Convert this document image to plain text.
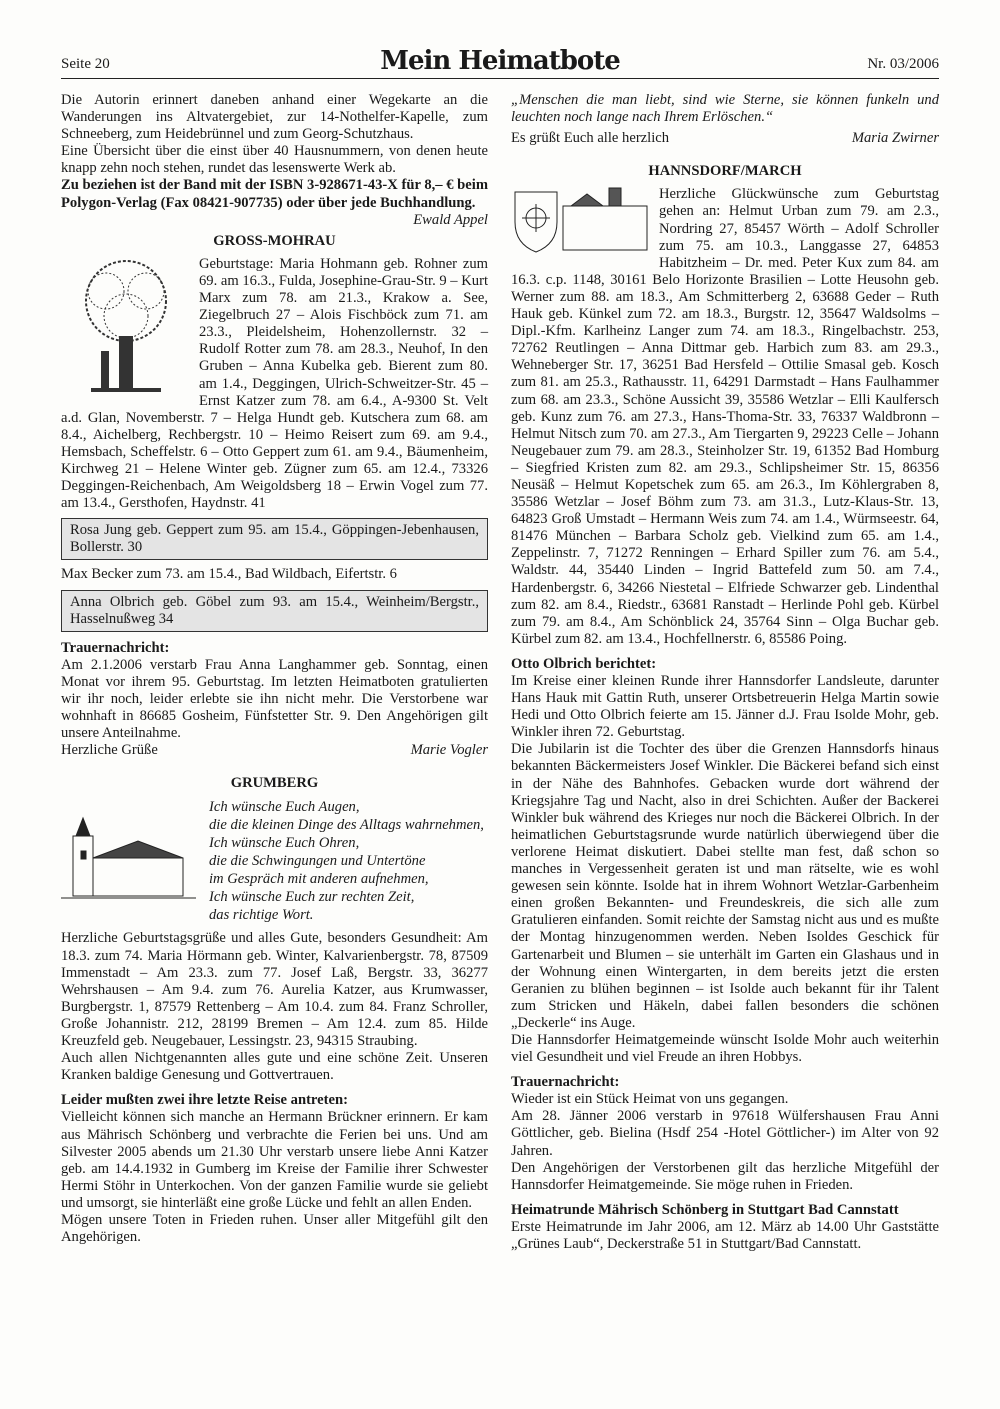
Seite 20	Mein Heimatbote	Nr. 03/2006

Die Autorin erinnert daneben anhand einer Wegekarte an die Wanderungen ins Altvatergebiet, zur 14-Nothelfer-Kapelle, zum Schneeberg, zum Heidebrünnel und zum Georg-Schutzhaus.

Eine Übersicht über die einst über 40 Hausnummern, von denen heute knapp zehn noch stehen, rundet das lesenswerte Werk ab.

Zu beziehen ist der Band mit der ISBN 3-928671-43-X für 8,– € beim Polygon-Verlag (Fax 08421-907735) oder über jede Buchhandlung.

Ewald Appel

GROSS-MOHRAU

Geburtstage: Maria Hohmann geb. Rohner zum 69. am 16.3., Fulda, Josephine-Grau-Str. 9 – Kurt Marx zum 78. am 21.3., Krakow a. See, Ziegelbruch 27 – Alois Fischböck zum 71. am 23.3., Pleidelsheim, Hohenzollernstr. 32 – Rudolf Rotter zum 78. am 28.3., Neuhof, In den Gruben – Anna Kubelka geb. Bierent zum 80. am 1.4., Deggingen, Ulrich-Schweitzer-Str. 45 – Ernst Katzer zum 78. am 6.4., A-9300 St. Velt a.d. Glan, Novemberstr. 7 – Helga Hundt geb. Kutschera zum 68. am 8.4., Aichelberg, Rechbergstr. 10 – Heimo Reisert zum 69. am 9.4., Hemsbach, Scheffelstr. 6 – Otto Geppert zum 61. am 9.4., Bäumenheim, Kirchweg 21 – Helene Winter geb. Zügner zum 65. am 12.4., 73326 Deggingen-Reichenbach, Am Weigoldsberg 18 – Erwin Vogel zum 77. am 13.4., Gersthofen, Haydnstr. 41

Rosa Jung geb. Geppert zum 95. am 15.4., Göppingen-Jebenhausen, Bollerstr. 30

Max Becker zum 73. am 15.4., Bad Wildbach, Eifertstr. 6

Anna Olbrich geb. Göbel zum 93. am 15.4., Weinheim/Bergstr., Hasselnußweg 34

Trauernachricht:

Am 2.1.2006 verstarb Frau Anna Langhammer geb. Sonntag, einen Monat vor ihrem 95. Geburtstag. Im letzten Heimatboten gratulierten wir ihr noch, leider erlebte sie ihn nicht mehr. Die Verstorbene war wohnhaft in 86685 Gosheim, Fünfstetter Str. 9. Den Angehörigen gilt unsere Anteilnahme.

Herzliche Grüße	Marie Vogler
GRUMBERG
Ich wünsche Euch Augen,
die die kleinen Dinge des Alltags wahrnehmen,
Ich wünsche Euch Ohren,
die die Schwingungen und Untertöne
im Gespräch mit anderen aufnehmen,
Ich wünsche Euch zur rechten Zeit,
das richtige Wort.

Herzliche Geburtstagsgrüße und alles Gute, besonders Gesundheit: Am 18.3. zum 74. Maria Hörmann geb. Winter, Kalvarienbergstr. 78, 87509 Immenstadt – Am 23.3. zum 77. Josef Laß, Bergstr. 33, 36277 Wehrshausen – Am 9.4. zum 76. Aurelia Katzer, aus Krumwasser, Burgbergstr. 1, 87579 Rettenberg – Am 10.4. zum 84. Franz Schroller, Große Johannistr. 212, 28199 Bremen – Am 12.4. zum 85. Hilde Kreuzfeld geb. Neugebauer, Lessingstr. 23, 94315 Straubing.

Auch allen Nichtgenannten alles gute und eine schöne Zeit. Unseren Kranken baldige Genesung und Gottvertrauen.

Leider mußten zwei ihre letzte Reise antreten:

Vielleicht können sich manche an Hermann Brückner erinnern. Er kam aus Mährisch Schönberg und verbrachte die Ferien bei uns. Und am Silvester 2005 abends um 21.30 Uhr verstarb unsere liebe Anni Katzer geb. am 14.4.1932 in Gumberg im Kreise der Familie ihrer Schwester Hermi Stöhr in Unterkochen. Von der ganzen Familie wurde sie geliebt und umsorgt, sie hinterläßt eine große Lücke und fehlt an allen Enden.

Mögen unsere Toten in Frieden ruhen. Unser aller Mitgefühl gilt den Angehörigen.

„Menschen die man liebt, sind wie Sterne, sie können funkeln und leuchten noch lange nach Ihrem Erlöschen.“

Es grüßt Euch alle herzlich	Maria Zwirner
HANNSDORF/MARCH

Herzliche Glückwünsche zum Geburtstag gehen an: Helmut Urban zum 79. am 2.3., Nordring 27, 85457 Wörth – Adolf Schroller zum 75. am 10.3., Langgasse 27, 64853 Habitzheim – Dr. med. Peter Kux zum 84. am 16.3. c.p. 1148, 30161 Belo Horizonte Brasilien – Lotte Heusohn geb. Werner zum 88. am 18.3., Am Schmitterberg 2, 63688 Geder – Ruth Hauk geb. Künkel zum 72. am 18.3., Burgstr. 12, 35647 Waldsolms – Dipl.-Kfm. Karlheinz Langer zum 74. am 18.3., Ringelbachstr. 253, 72762 Reutlingen – Anna Dittmar geb. Harbich zum 83. am 29.3., Wehneberger Str. 17, 36251 Bad Hersfeld – Ottilie Smasal geb. Kosch zum 81. am 25.3., Rathausstr. 11, 64291 Darmstadt – Hans Faulhammer zum 68. am 23.3., Schöne Aussicht 39, 35586 Wetzlar – Elli Kaulfersch geb. Kunz zum 76. am 27.3., Hans-Thoma-Str. 33, 76337 Waldbronn – Helmut Nitsch zum 70. am 27.3., Am Tiergarten 9, 29223 Celle – Johann Neugebauer zum 79. am 28.3., Steinholzer Str. 19, 61352 Bad Homburg – Siegfried Kristen zum 82. am 29.3., Schlipsheimer Str. 15, 86356 Neusäß – Helmut Kopetschek zum 65. am 26.3., Im Köhlergraben 8, 35586 Wetzlar – Josef Böhm zum 73. am 31.3., Lutz-Klaus-Str. 13, 64823 Groß Umstadt – Hermann Weis zum 74. am 1.4., Würmseestr. 64, 81476 München – Barbara Scholz geb. Vielkind zum 65. am 1.4., Zeppelinstr. 7, 71272 Renningen – Erhard Spiller zum 76. am 5.4., Waldstr. 44, 35440 Linden – Ingrid Battefeld zum 50. am 7.4., Hardenbergstr. 6, 34266 Niestetal – Elfriede Schwarzer geb. Lindenthal zum 82. am 8.4., Riedstr., 63681 Ranstadt – Herlinde Pohl geb. Kürbel zum 79. am 8.4., Am Schönblick 24, 35764 Sinn – Olga Buchar geb. Kürbel zum 82. am 13.4., Hochfellnerstr. 6, 85586 Poing.

Otto Olbrich berichtet:

Im Kreise einer kleinen Runde ihrer Hannsdorfer Landsleute, darunter Hans Hauk mit Gattin Ruth, unserer Ortsbetreuerin Helga Martin sowie Hedi und Otto Olbrich feierte am 15. Jänner d.J. Frau Isolde Mohr, geb. Winkler ihren 72. Geburtstag.

Die Jubilarin ist die Tochter des über die Grenzen Hannsdorfs hinaus bekannten Bäckermeisters Josef Winkler. Die Bäckerei befand sich einst in der Nähe des Bahnhofes. Gebacken wurde dort während der Kriegsjahre Tag und Nacht, also in drei Schichten. Außer der Backerei Winkler buk während des Krieges nur noch die Bäckerei Olbrich. In der heimatlichen Geburtstagsrunde wurde natürlich überwiegend über die verlorene Heimat diskutiert. Dabei stellte man fest, daß schon so manches in Vergessenheit geraten ist und man rätselte, wie es wohl gewesen sein könnte. Isolde hat in ihrem Wohnort Wetzlar-Garbenheim einen großen Bekannten- und Freundeskreis, die sich alle zum Gratulieren einfanden. Somit reichte der Samstag nicht aus und es mußte der Montag hinzugenommen werden. Neben Isoldes Geschick für Gartenarbeit und Blumen – sie unterhält im Garten ein Glashaus und in der Wohnung einen Wintergarten, in dem bereits jetzt die ersten Geranien zu blühen beginnen – ist Isolde auch bekannt für ihr Talent zum Stricken und Häkeln, dabei fallen besonders die schönen „Deckerle“ ins Auge.

Die Hannsdorfer Heimatgemeinde wünscht Isolde Mohr auch weiterhin viel Gesundheit und viel Freude an ihren Hobbys.

Trauernachricht:

Wieder ist ein Stück Heimat von uns gegangen.

Am 28. Jänner 2006 verstarb in 97618 Wülfershausen Frau Anni Göttlicher, geb. Bielina (Hsdf 254 -Hotel Göttlicher-) im Alter von 92 Jahren.

Den Angehörigen der Verstorbenen gilt das herzliche Mitgefühl der Hannsdorfer Heimatgemeinde. Sie möge ruhen in Frieden.

Heimatrunde Mährisch Schönberg in Stuttgart Bad Cannstatt

Erste Heimatrunde im Jahr 2006, am 12. März ab 14.00 Uhr Gaststätte „Grünes Laub“, Deckerstraße 51 in Stuttgart/Bad Cannstatt.
